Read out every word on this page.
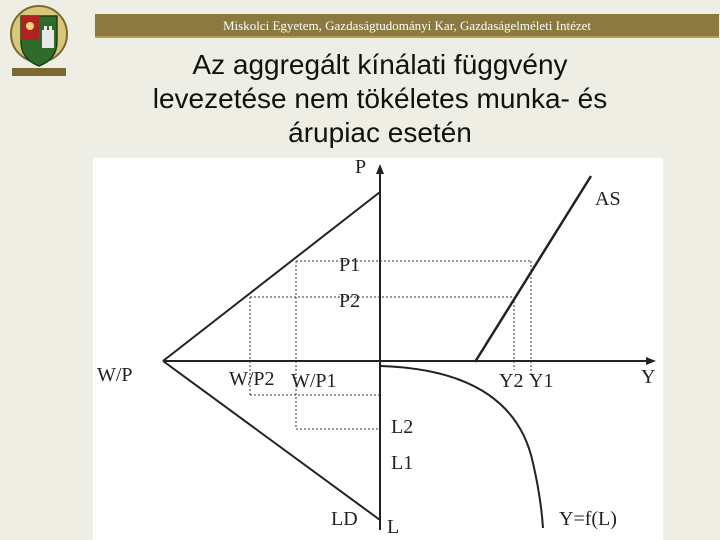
Miskolci Egyetem, Gazdaságtudományi Kar, Gazdaságelméleti Intézet
Az aggregált kínálati függvény
levezetése nem tökéletes munka- és
árupiac esetén
P
AS
P1
P2
W/P	W/P2 W/P1	Y2 Y1	Y
L2
L1
LD L	Y=f(L)
